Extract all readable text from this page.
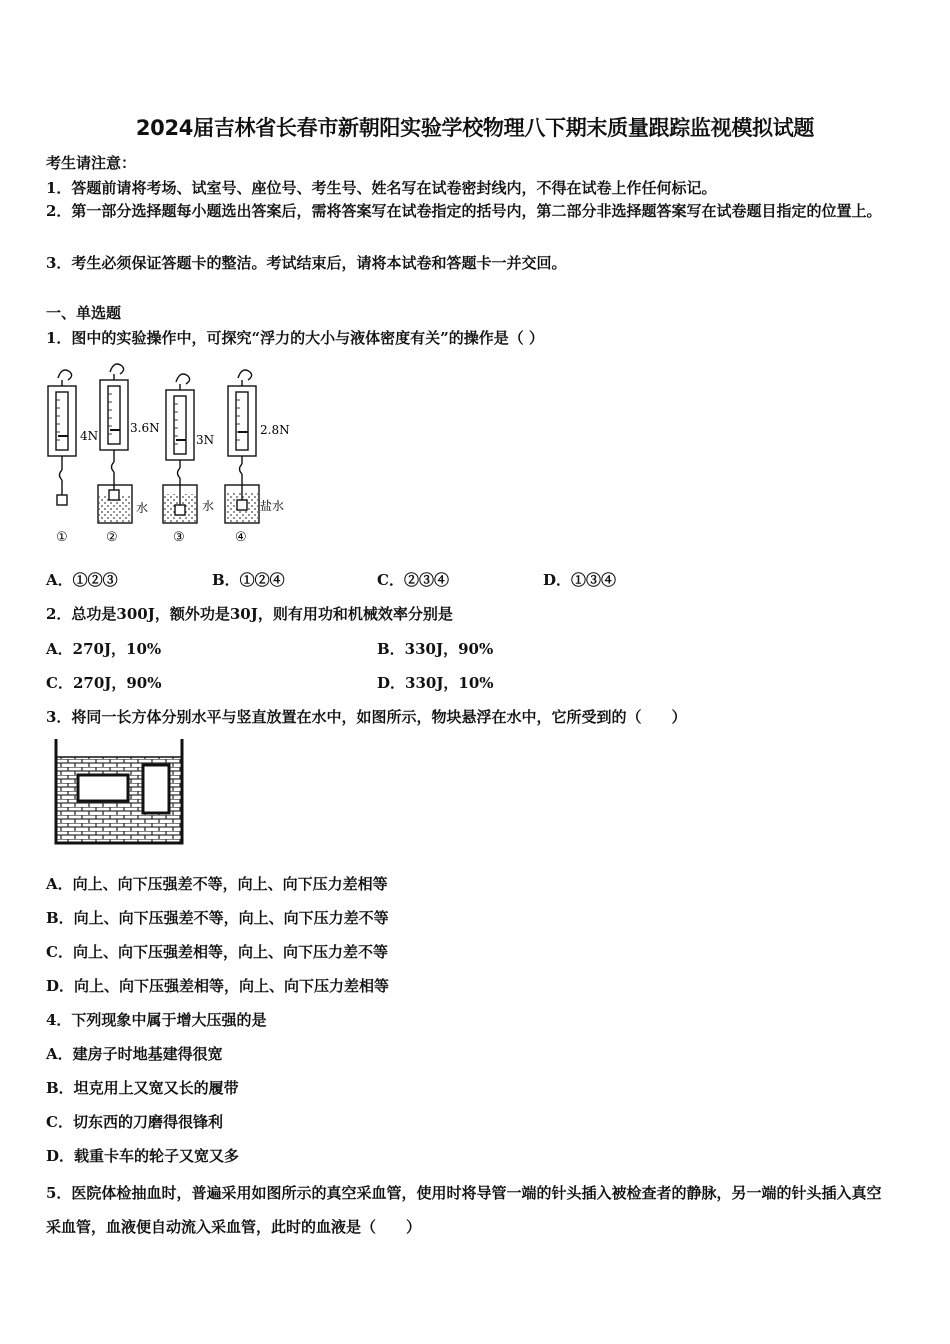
2024届吉林省长春市新朝阳实验学校物理八下期末质量跟踪监视模拟试题
考生请注意：
1．答题前请将考场、试室号、座位号、考生号、姓名写在试卷密封线内，不得在试卷上作任何标记。
2．第一部分选择题每小题选出答案后，需将答案写在试卷指定的括号内，第二部分非选择题答案写在试卷题目指定的位置上。
3．考生必须保证答题卡的整洁。考试结束后，请将本试卷和答题卡一并交回。
一、单选题
1．图中的实验操作中，可探究“浮力的大小与液体密度有关”的操作是（ ）
4N
3.6N
3N
2.8N
水	水	盐水
①	②	③	④
A．①②③	B．①②④	C．②③④	D．①③④
2．总功是300J，额外功是30J，则有用功和机械效率分别是
A．270J，10%	B．330J，90%
C．270J，90%	D．330J，10%
3．将同一长方体分别水平与竖直放置在水中，如图所示，物块悬浮在水中，它所受到的（　　）
A．向上、向下压强差不等，向上、向下压力差相等
B．向上、向下压强差不等，向上、向下压力差不等
C．向上、向下压强差相等，向上、向下压力差不等
D．向上、向下压强差相等，向上、向下压力差相等
4．下列现象中属于增大压强的是
A．建房子时地基建得很宽
B．坦克用上又宽又长的履带
C．切东西的刀磨得很锋利
D．载重卡车的轮子又宽又多
5．医院体检抽血时，普遍采用如图所示的真空采血管，使用时将导管一端的针头插入被检查者的静脉，另一端的针头插入真空采血管，血液便自动流入采血管，此时的血液是（　　）
